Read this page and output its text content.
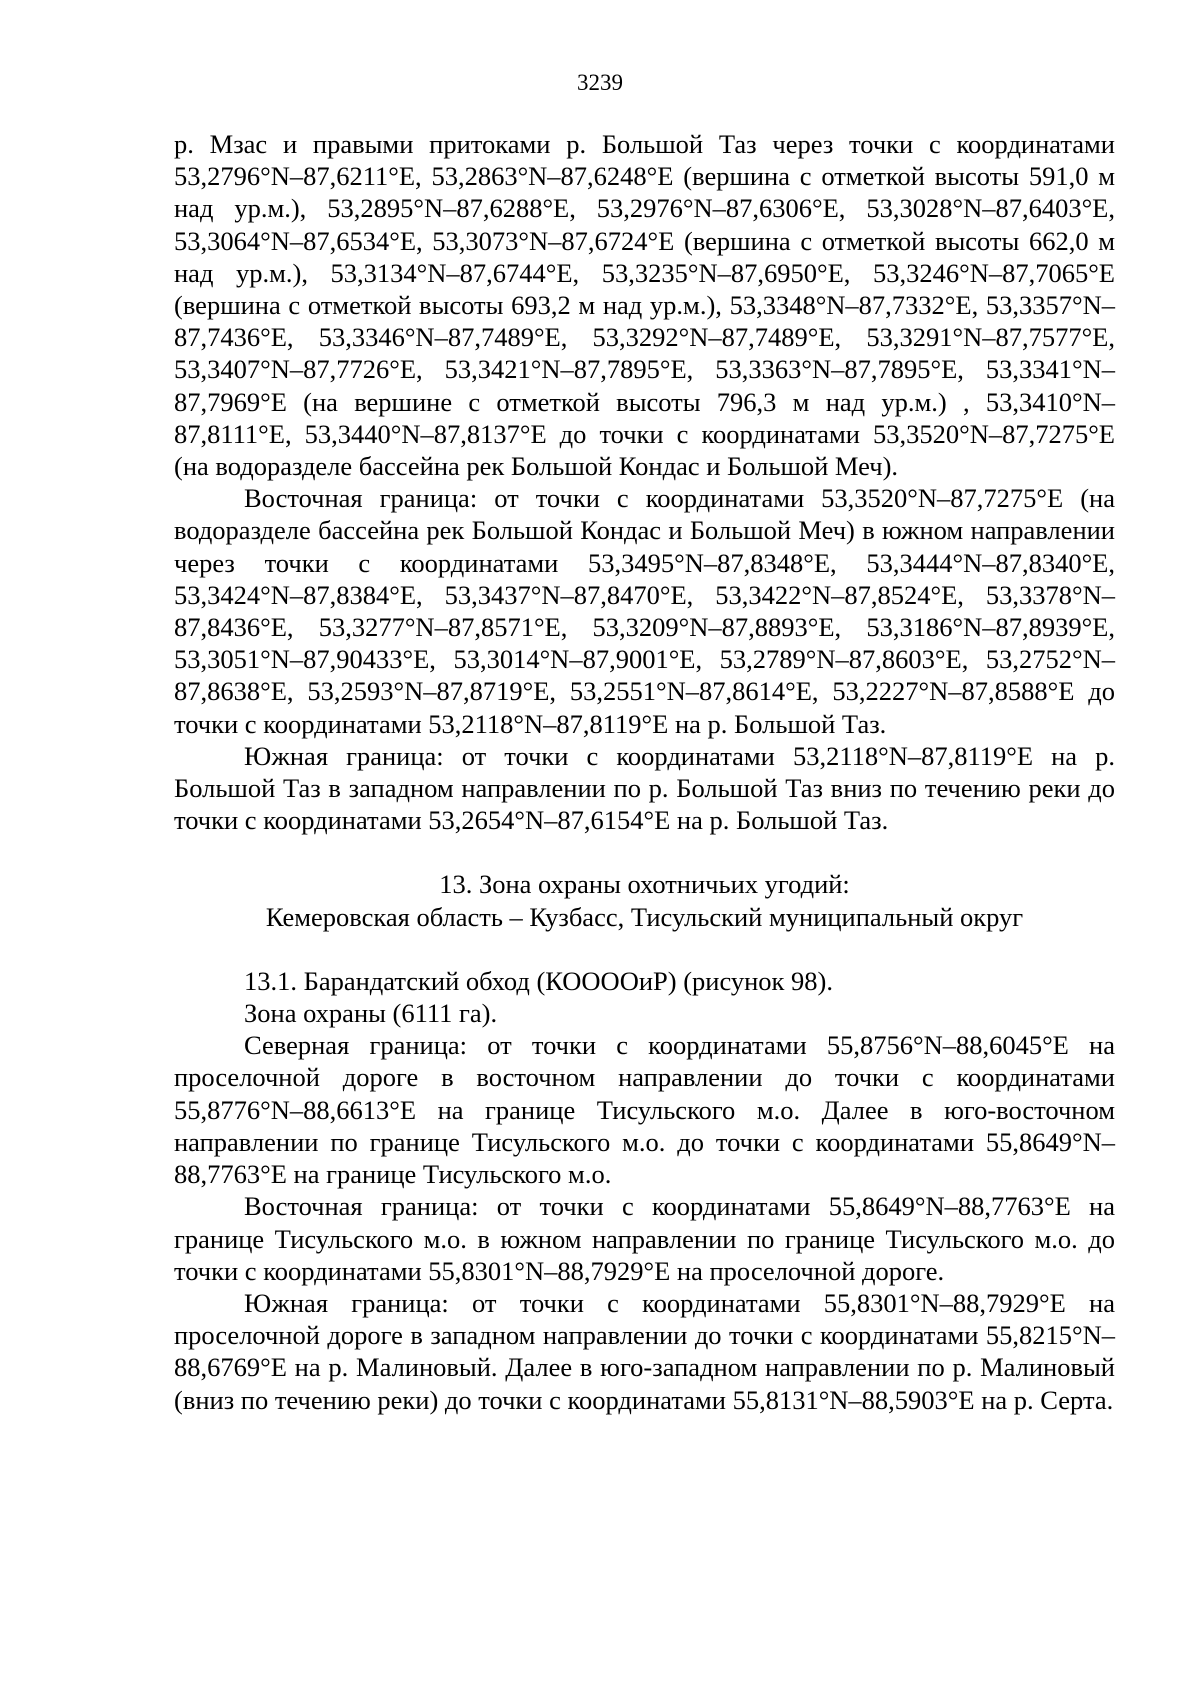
3239

р. Мзас и правыми притоками р. Большой Таз через точки с координатами 53,2796°N–87,6211°E, 53,2863°N–87,6248°E (вершина с отметкой высоты 591,0 м над ур.м.), 53,2895°N–87,6288°E, 53,2976°N–87,6306°E, 53,3028°N–87,6403°E, 53,3064°N–87,6534°E, 53,3073°N–87,6724°E (вершина с отметкой высоты 662,0 м над ур.м.), 53,3134°N–87,6744°E, 53,3235°N–87,6950°E, 53,3246°N–87,7065°E (вершина с отметкой высоты 693,2 м над ур.м.), 53,3348°N–87,7332°E, 53,3357°N–87,7436°E, 53,3346°N–87,7489°E, 53,3292°N–87,7489°E, 53,3291°N–87,7577°E, 53,3407°N–87,7726°E, 53,3421°N–87,7895°E, 53,3363°N–87,7895°E, 53,3341°N–87,7969°E (на вершине с отметкой высоты 796,3 м над ур.м.) , 53,3410°N–87,8111°E, 53,3440°N–87,8137°E до точки с координатами 53,3520°N–87,7275°E (на водоразделе бассейна рек Большой Кондас и Большой Меч).

Восточная граница: от точки с координатами 53,3520°N–87,7275°E (на водоразделе бассейна рек Большой Кондас и Большой Меч) в южном направлении через точки с координатами 53,3495°N–87,8348°E, 53,3444°N–87,8340°E, 53,3424°N–87,8384°E, 53,3437°N–87,8470°E, 53,3422°N–87,8524°E, 53,3378°N–87,8436°E, 53,3277°N–87,8571°E, 53,3209°N–87,8893°E, 53,3186°N–87,8939°E, 53,3051°N–87,90433°E, 53,3014°N–87,9001°E, 53,2789°N–87,8603°E, 53,2752°N–87,8638°E, 53,2593°N–87,8719°E, 53,2551°N–87,8614°E, 53,2227°N–87,8588°E до точки с координатами 53,2118°N–87,8119°E на р. Большой Таз.

Южная граница: от точки с координатами 53,2118°N–87,8119°E на р. Большой Таз в западном направлении по р. Большой Таз вниз по течению реки до точки с координатами 53,2654°N–87,6154°E на р. Большой Таз.

13. Зона охраны охотничьих угодий:
Кемеровская область – Кузбасс, Тисульский муниципальный округ

13.1. Барандатский обход (КООООиР) (рисунок 98).

Зона охраны (6111 га).

Северная граница: от точки с координатами 55,8756°N–88,6045°E на проселочной дороге в восточном направлении до точки с координатами 55,8776°N–88,6613°E на границе Тисульского м.о. Далее в юго-восточном направлении по границе Тисульского м.о. до точки с координатами 55,8649°N–88,7763°E на границе Тисульского м.о.

Восточная граница: от точки с координатами 55,8649°N–88,7763°E на границе Тисульского м.о. в южном направлении по границе Тисульского м.о. до точки с координатами 55,8301°N–88,7929°E на проселочной дороге.

Южная граница: от точки с координатами 55,8301°N–88,7929°E на проселочной дороге в западном направлении до точки с координатами 55,8215°N–88,6769°E на р. Малиновый. Далее в юго-западном направлении по р. Малиновый (вниз по течению реки) до точки с координатами 55,8131°N–88,5903°E на р. Серта.
